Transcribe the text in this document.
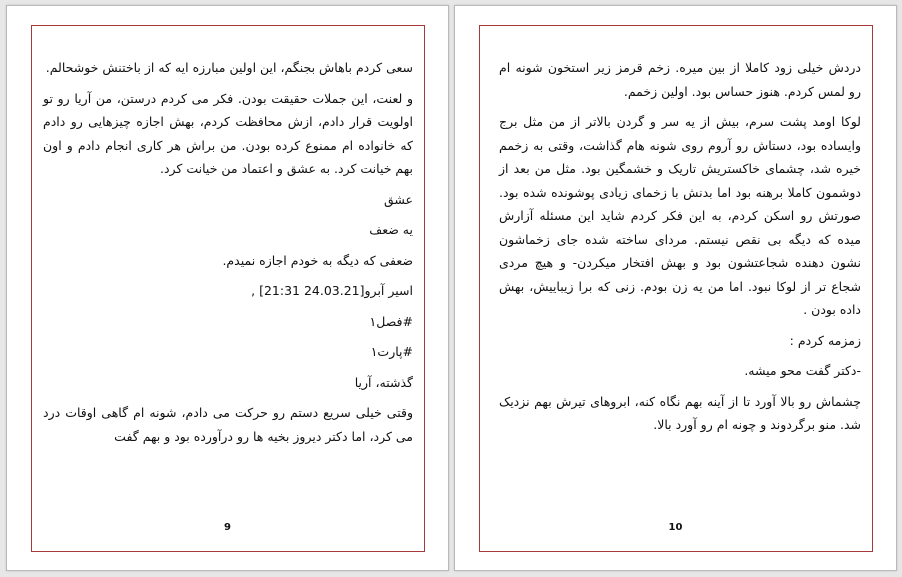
سعی کردم باهاش بجنگم، این اولین مبارزه ایه که از باختنش خوشحالم.

و لعنت، این جملات حقیقت بودن. فکر می کردم درستن، من آریا رو تو اولویت قرار دادم، ازش محافظت کردم، بهش اجازه چیزهایی رو دادم که خانواده ام ممنوع کرده بودن. من براش هر کاری انجام دادم و اون بهم خیانت کرد. به عشق و اعتماد من خیانت کرد.

عشق

یه ضعف

ضعفی که دیگه به خودم اجازه نمیدم.

اسیر آبرو[24.03.21 21:31] ,

#فصل۱

#پارت۱

گذشته، آریا

وقتی خیلی سریع دستم رو حرکت می دادم، شونه ام گاهی اوقات درد می کرد، اما دکتر دیروز بخیه ها رو درآورده بود و بهم گفت

9

دردش خیلی زود کاملا از بین میره. زخم قرمز زیر استخون شونه ام رو لمس کردم. هنوز حساس بود. اولین زخمم.

لوکا اومد پشت سرم، بیش از یه سر و گردن بالاتر از من مثل برج وایساده بود، دستاش رو آروم روی شونه هام گذاشت، وقتی به زخمم خیره شد، چشمای خاکستریش تاریک و خشمگین بود. مثل من بعد از دوشمون کاملا برهنه بود اما بدنش با زخمای زیادی پوشونده شده بود. صورتش رو اسکن کردم، به این فکر کردم شاید این مسئله آزارش میده که دیگه بی نقص نیستم. مردای ساخته شده جای زخماشون نشون دهنده شجاعتشون بود و بهش افتخار میکردن- و هیچ مردی شجاع تر از لوکا نبود. اما من یه زن بودم. زنی که برا زیباییش، بهش داده بودن .

زمزمه کردم :

-دکتر گفت محو میشه.

چشماش رو بالا آورد تا از آینه بهم نگاه کنه، ابروهای تیرش بهم نزدیک شد. منو برگردوند و چونه ام رو آورد بالا.

10
